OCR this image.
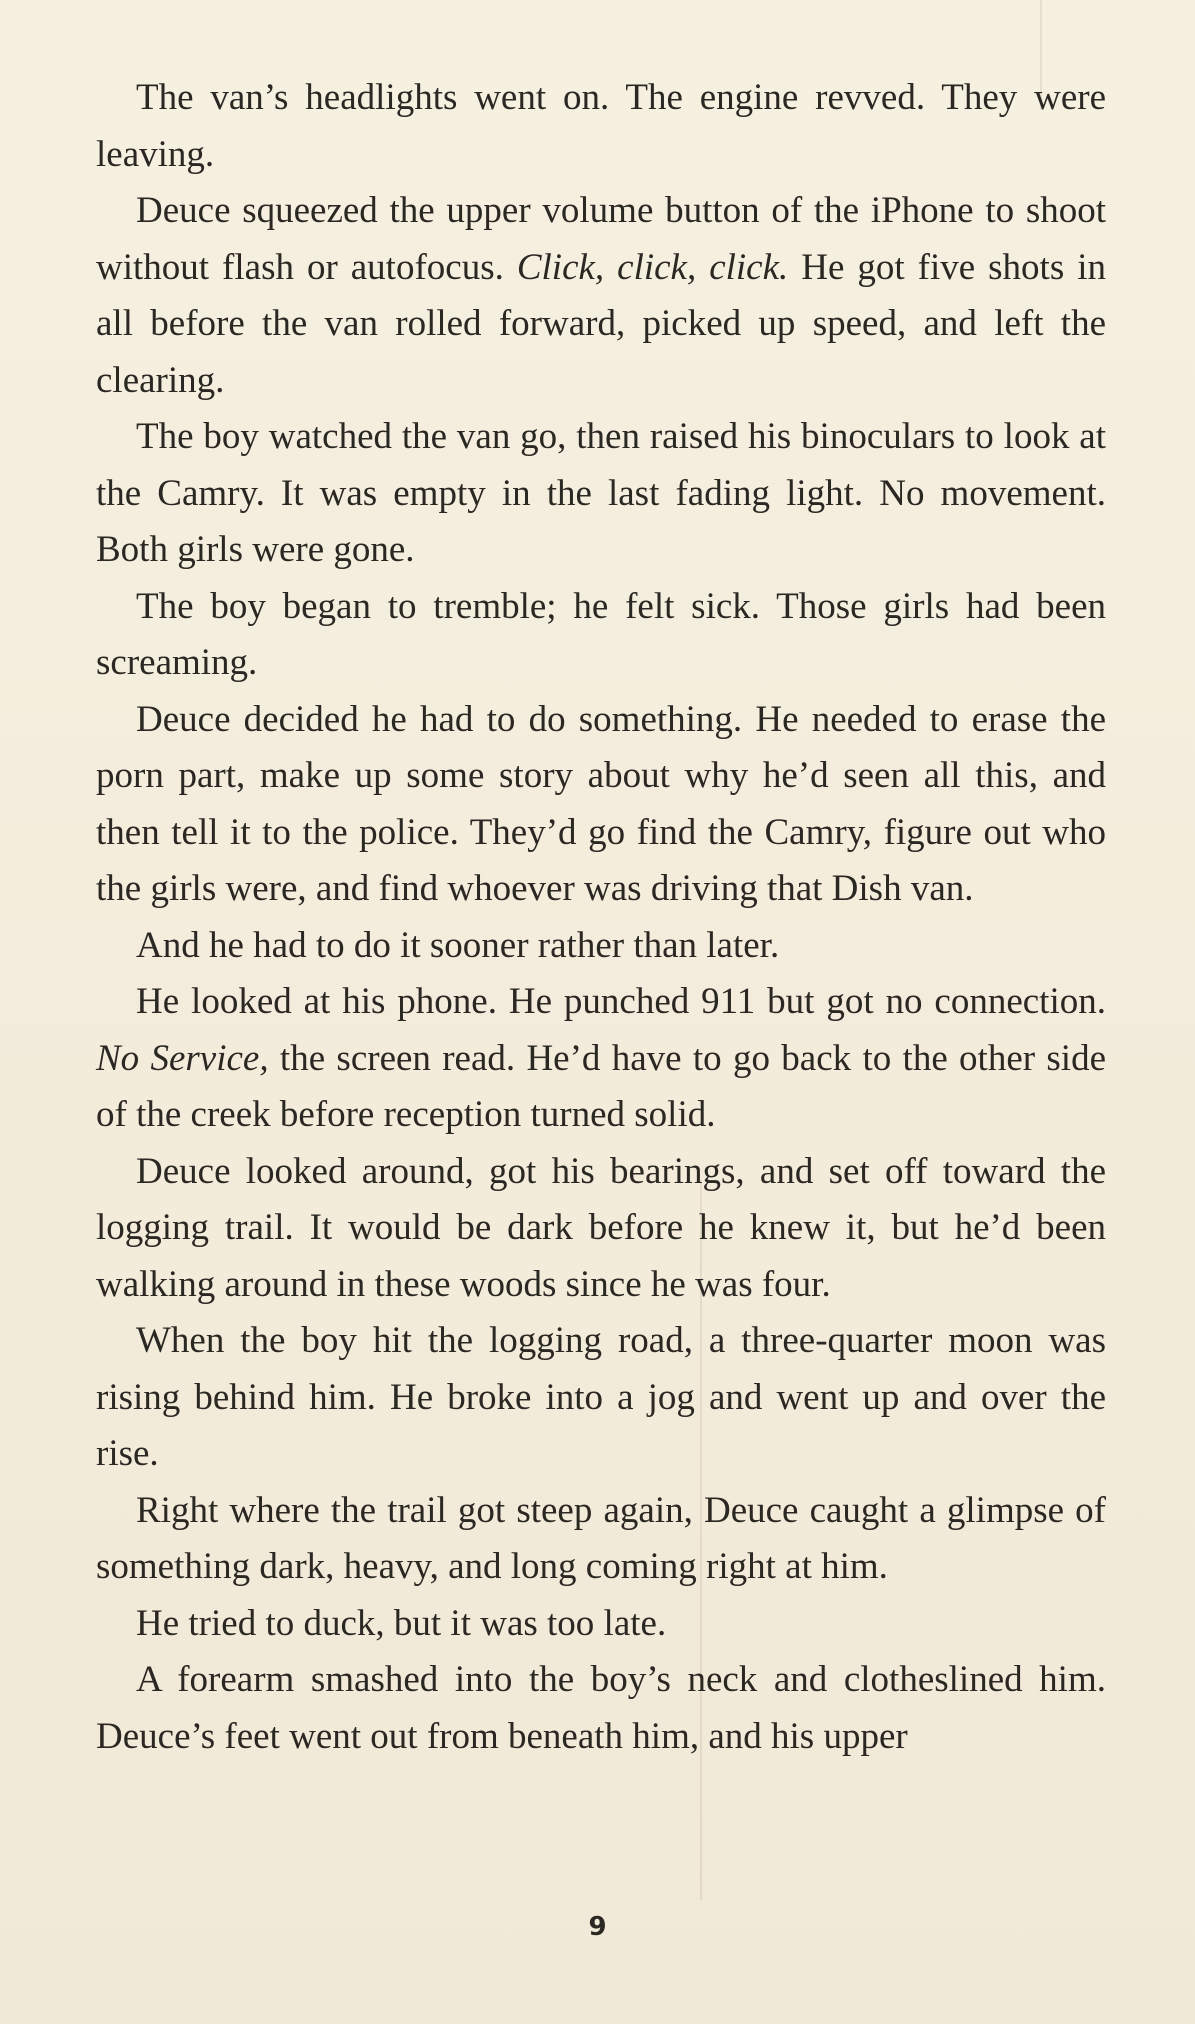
The van’s headlights went on. The engine revved. They were leaving.

Deuce squeezed the upper volume button of the iPhone to shoot without flash or autofocus. Click, click, click. He got five shots in all before the van rolled forward, picked up speed, and left the clearing.

The boy watched the van go, then raised his binoculars to look at the Camry. It was empty in the last fading light. No movement. Both girls were gone.

The boy began to tremble; he felt sick. Those girls had been screaming.

Deuce decided he had to do something. He needed to erase the porn part, make up some story about why he’d seen all this, and then tell it to the police. They’d go find the Camry, figure out who the girls were, and find whoever was driving that Dish van.

And he had to do it sooner rather than later.

He looked at his phone. He punched 911 but got no connection. No Service, the screen read. He’d have to go back to the other side of the creek before reception turned solid.

Deuce looked around, got his bearings, and set off toward the logging trail. It would be dark before he knew it, but he’d been walking around in these woods since he was four.

When the boy hit the logging road, a three-quarter moon was rising behind him. He broke into a jog and went up and over the rise.

Right where the trail got steep again, Deuce caught a glimpse of something dark, heavy, and long coming right at him.

He tried to duck, but it was too late.

A forearm smashed into the boy’s neck and clotheslined him. Deuce’s feet went out from beneath him, and his upper

9
